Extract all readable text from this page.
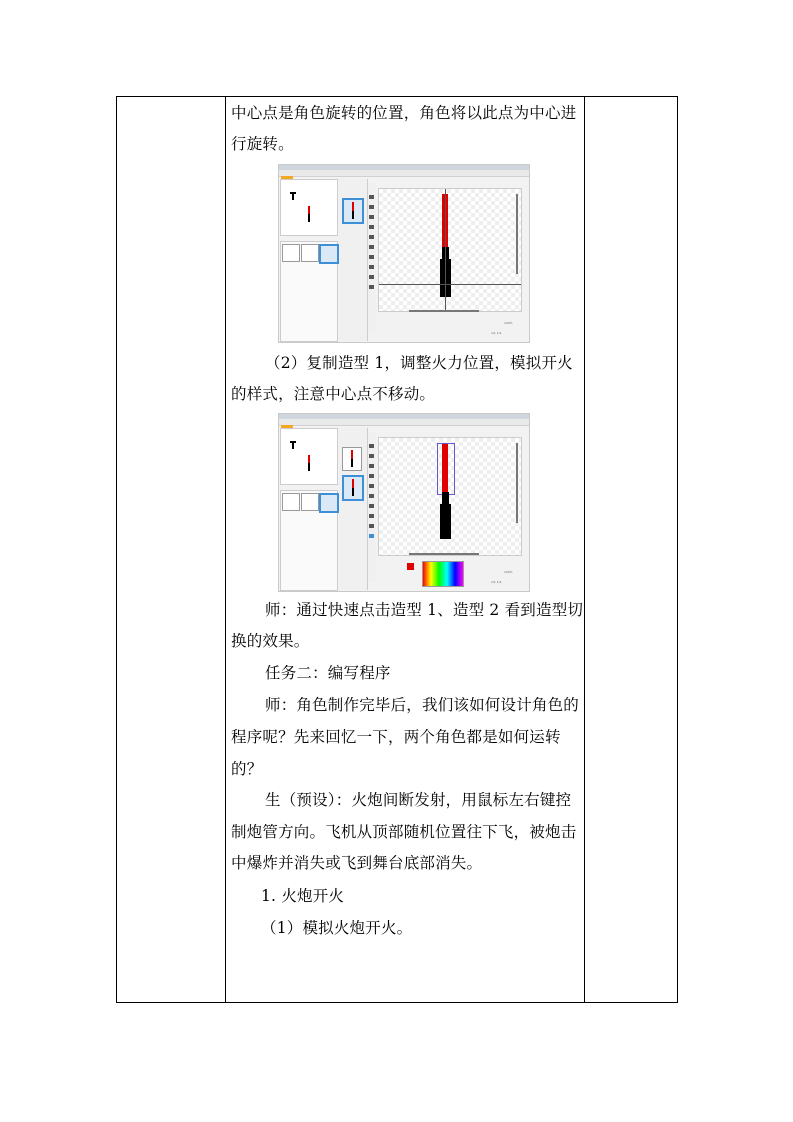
中心点是角色旋转的位置，角色将以此点为中心进
行旋转。
100%
1/1 1/1
（2）复制造型 1，调整火力位置，模拟开火
的样式，注意中心点不移动。
100%
1/1 1/1
师：通过快速点击造型 1、造型 2 看到造型切
换的效果。
任务二：编写程序
师：角色制作完毕后，我们该如何设计角色的
程序呢？先来回忆一下，两个角色都是如何运转
的？
生（预设）：火炮间断发射，用鼠标左右键控
制炮管方向。飞机从顶部随机位置往下飞，被炮击
中爆炸并消失或飞到舞台底部消失。
1. 火炮开火
（1）模拟火炮开火。
